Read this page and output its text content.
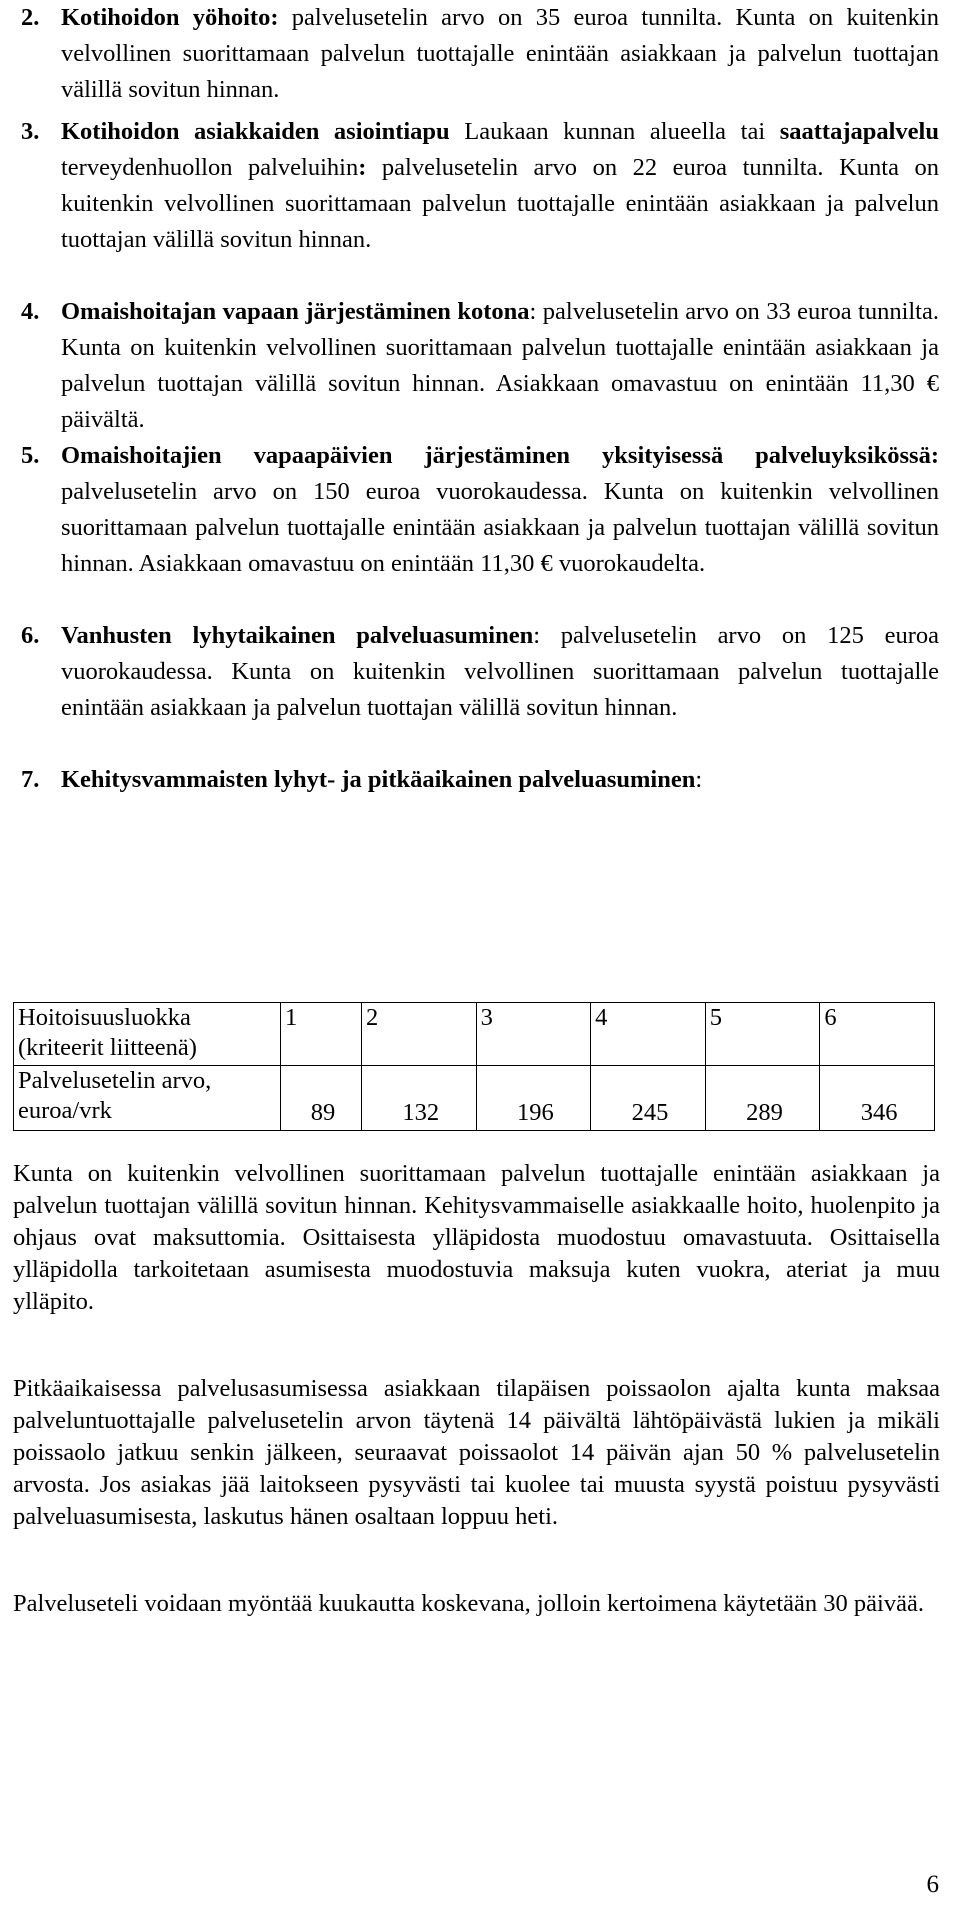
2. Kotihoidon yöhoito: palvelusetelin arvo on 35 euroa tunnilta. Kunta on kuitenkin velvollinen suorittamaan palvelun tuottajalle enintään asiakkaan ja palvelun tuottajan välillä sovitun hinnan.
3. Kotihoidon asiakkaiden asiointiapu Laukaan kunnan alueella tai saattajapalvelu terveydenhuollon palveluihin: palvelusetelin arvo on 22 euroa tunnilta. Kunta on kuitenkin velvollinen suorittamaan palvelun tuottajalle enintään asiakkaan ja palvelun tuottajan välillä sovitun hinnan.
4. Omaishoitajan vapaan järjestäminen kotona: palvelusetelin arvo on 33 euroa tunnilta. Kunta on kuitenkin velvollinen suorittamaan palvelun tuottajalle enintään asiakkaan ja palvelun tuottajan välillä sovitun hinnan. Asiakkaan omavastuu on enintään 11,30 € päivältä.
5. Omaishoitajien vapaapäivien järjestäminen yksityisessä palveluyksikössä: palvelusetelin arvo on 150 euroa vuorokaudessa. Kunta on kuitenkin velvollinen suorittamaan palvelun tuottajalle enintään asiakkaan ja palvelun tuottajan välillä sovitun hinnan. Asiakkaan omavastuu on enintään 11,30 € vuorokaudelta.
6. Vanhusten lyhytaikainen palveluasuminen: palvelusetelin arvo on 125 euroa vuorokaudessa. Kunta on kuitenkin velvollinen suorittamaan palvelun tuottajalle enintään asiakkaan ja palvelun tuottajan välillä sovitun hinnan.
7. Kehitysvammaisten lyhyt- ja pitkäaikainen palveluasuminen:
Hoitoisuusluokka (kriteerit liitteenä)	1	2	3	4	5	6
Palvelusetelin arvo, euroa/vrk	89	132	196	245	289	346

Kunta on kuitenkin velvollinen suorittamaan palvelun tuottajalle enintään asiakkaan ja palvelun tuottajan välillä sovitun hinnan. Kehitysvammaiselle asiakkaalle hoito, huolenpito ja ohjaus ovat maksuttomia. Osittaisesta ylläpidosta muodostuu omavastuuta. Osittaisella ylläpidolla tarkoitetaan asumisesta muodostuvia maksuja kuten vuokra, ateriat ja muu ylläpito.

Pitkäaikaisessa palvelusasumisessa asiakkaan tilapäisen poissaolon ajalta kunta maksaa palveluntuottajalle palvelusetelin arvon täytenä 14 päivältä lähtöpäivästä lukien ja mikäli poissaolo jatkuu senkin jälkeen, seuraavat poissaolot 14 päivän ajan 50 % palvelusetelin arvosta. Jos asiakas jää laitokseen pysyvästi tai kuolee tai muusta syystä poistuu pysyvästi palveluasumisesta, laskutus hänen osaltaan loppuu heti.

Palveluseteli voidaan myöntää kuukautta koskevana, jolloin kertoimena käytetään 30 päivää.

6
